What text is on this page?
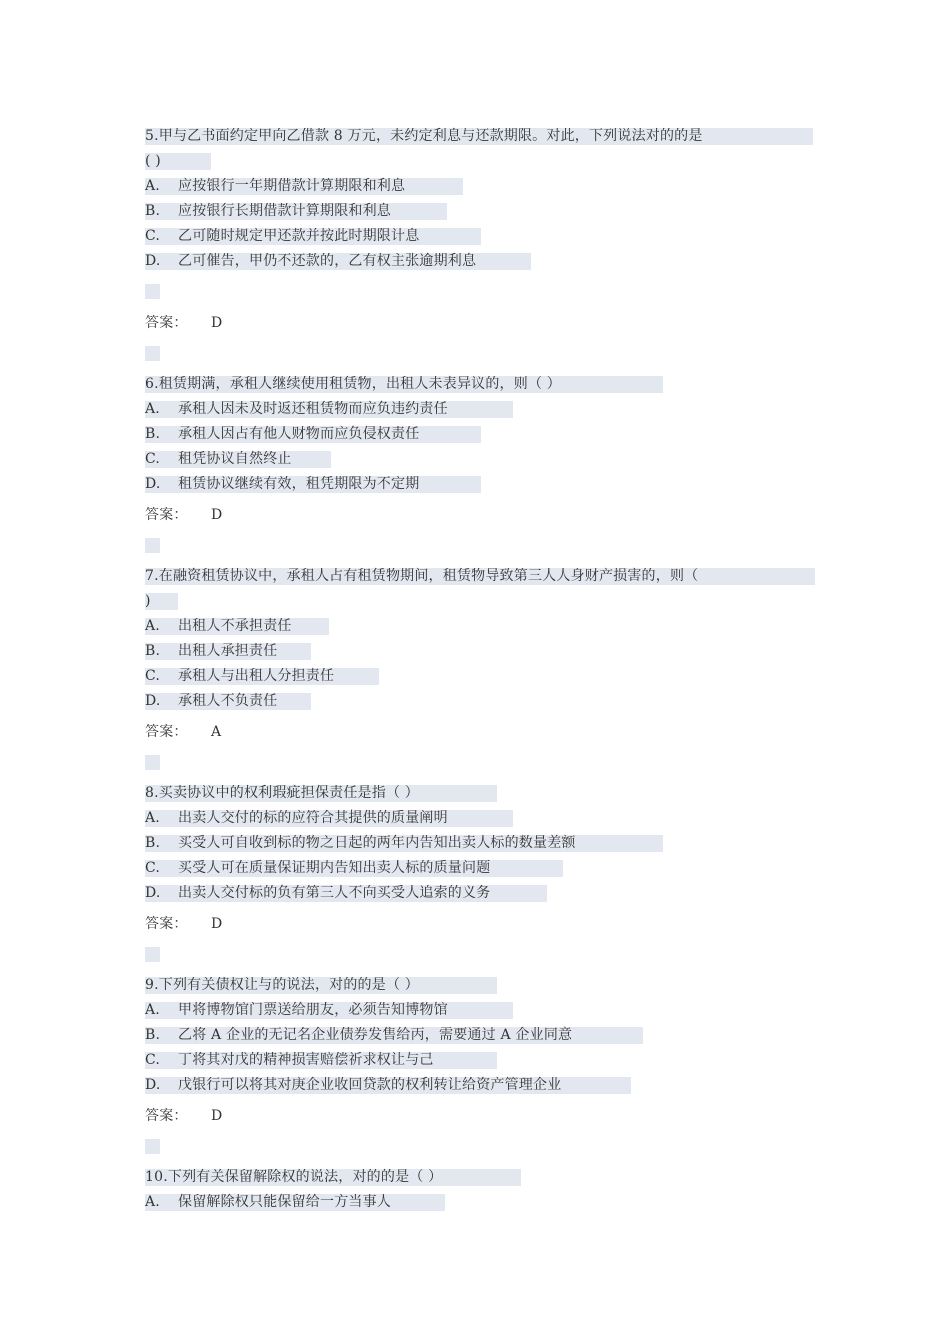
5.甲与乙书面约定甲向乙借款 8 万元，未约定利息与还款期限。对此，下列说法对的的是
( )
A. 应按银行一年期借款计算期限和利息
B. 应按银行长期借款计算期限和利息
C. 乙可随时规定甲还款并按此时期限计息
D. 乙可催告，甲仍不还款的，乙有权主张逾期利息
答案： D
6.租赁期满，承租人继续使用租赁物，出租人未表异议的，则（ ）
A. 承租人因未及时返还租赁物而应负违约责任
B. 承租人因占有他人财物而应负侵权责任
C. 租凭协议自然终止
D. 租赁协议继续有效，租凭期限为不定期
答案： D
7.在融资租赁协议中，承租人占有租赁物期间，租赁物导致第三人人身财产损害的，则（
)
A. 出租人不承担责任
B. 出租人承担责任
C. 承租人与出租人分担责任
D. 承租人不负责任
答案： A
8.买卖协议中的权利瑕疵担保责任是指（ ）
A. 出卖人交付的标的应符合其提供的质量阐明
B. 买受人可自收到标的物之日起的两年内告知出卖人标的数量差额
C. 买受人可在质量保证期内告知出卖人标的质量问题
D. 出卖人交付标的负有第三人不向买受人追索的义务
答案： D
9.下列有关债权让与的说法，对的的是（ ）
A. 甲将博物馆门票送给朋友，必须告知博物馆
B. 乙将 A 企业的无记名企业债券发售给丙，需要通过 A 企业同意
C. 丁将其对戊的精神损害赔偿祈求权让与己
D. 戊银行可以将其对庚企业收回贷款的权利转让给资产管理企业
答案： D
10.下列有关保留解除权的说法，对的的是（ ）
A. 保留解除权只能保留给一方当事人
